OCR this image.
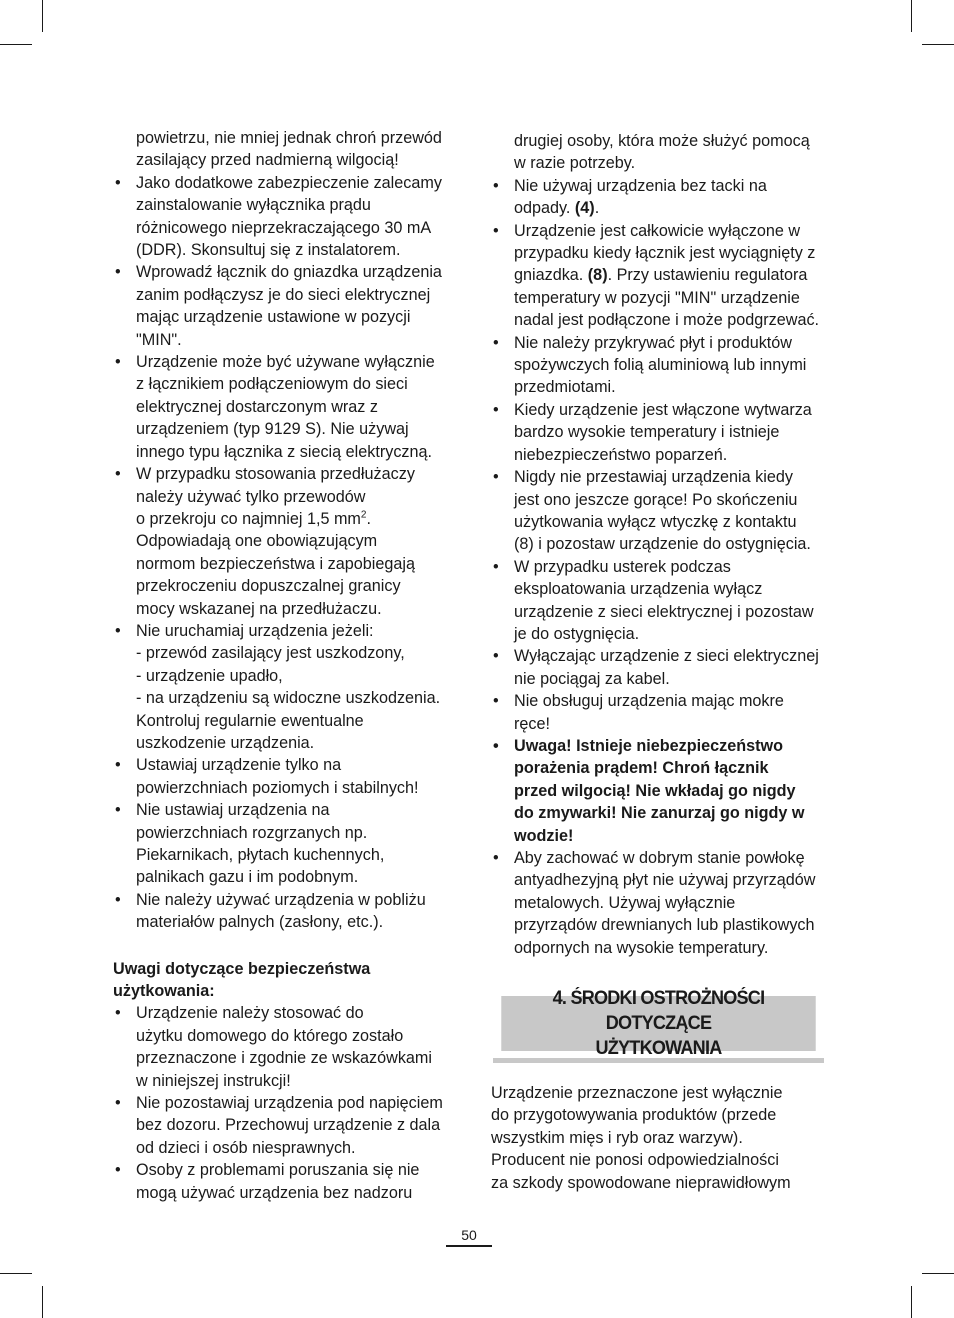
powietrzu, nie mniej jednak chroń przewód
zasilający przed nadmierną wilgocią!
• Jako dodatkowe zabezpieczenie zalecamy
zainstalowanie wyłącznika prądu
różnicowego nieprzekraczającego 30 mA
(DDR). Skonsultuj się z instalatorem.
• Wprowadź łącznik do gniazdka urządzenia
zanim podłączysz je do sieci elektrycznej
mając urządzenie ustawione w pozycji
"MIN".
• Urządzenie może być używane wyłącznie
z łącznikiem podłączeniowym do sieci
elektrycznej dostarczonym wraz z
urządzeniem (typ 9129 S). Nie używaj
innego typu łącznika z siecią elektryczną.
• W przypadku stosowania przedłużaczy
należy używać tylko przewodów
o przekroju co najmniej 1,5 $mm^2$.
Odpowiadają one obowiązującym
normom bezpieczeństwa i zapobiegają
przekroczeniu dopuszczalnej granicy
mocy wskazanej na przedłużaczu.
• Nie uruchamiaj urządzenia jeżeli:
- przewód zasilający jest uszkodzony,
- urządzenie upadło,
- na urządzeniu są widoczne uszkodzenia.
Kontroluj regularnie ewentualne
uszkodzenie urządzenia.
• Ustawiaj urządzenie tylko na
powierzchniach poziomych i stabilnych!
• Nie ustawiaj urządzenia na
powierzchniach rozgrzanych np.
Piekarnikach, płytach kuchennych,
palnikach gazu i im podobnym.
• Nie należy używać urządzenia w pobliżu
materiałów palnych (zasłony, etc.).
Uwagi dotyczące bezpieczeństwa
użytkowania:
• Urządzenie należy stosować do
użytku domowego do którego zostało
przeznaczone i zgodnie ze wskazówkami
w niniejszej instrukcji!
• Nie pozostawiaj urządzenia pod napięciem
bez dozoru. Przechowuj urządzenie z dala
od dzieci i osób niesprawnych.
• Osoby z problemami poruszania się nie
mogą używać urządzenia bez nadzoru
drugiej osoby, która może służyć pomocą
w razie potrzeby.
• Nie używaj urządzenia bez tacki na
odpady. (4).
• Urządzenie jest całkowicie wyłączone w
przypadku kiedy łącznik jest wyciągnięty z
gniazdka. (8). Przy ustawieniu regulatora
temperatury w pozycji "MIN" urządzenie
nadal jest podłączone i może podgrzewać.
• Nie należy przykrywać płyt i produktów
spożywczych folią aluminiową lub innymi
przedmiotami.
• Kiedy urządzenie jest włączone wytwarza
bardzo wysokie temperatury i istnieje
niebezpieczeństwo poparzeń.
• Nigdy nie przestawiaj urządzenia kiedy
jest ono jeszcze gorące! Po skończeniu
użytkowania wyłącz wtyczkę z kontaktu
(8) i pozostaw urządzenie do ostygnięcia.
• W przypadku usterek podczas
eksploatowania urządzenia wyłącz
urządzenie z sieci elektrycznej i pozostaw
je do ostygnięcia.
• Wyłączając urządzenie z sieci elektrycznej
nie pociągaj za kabel.
• Nie obsługuj urządzenia mając mokre
ręce!
• Uwaga! Istnieje niebezpieczeństwo
porażenia prądem! Chroń łącznik
przed wilgocią! Nie wkładaj go nigdy
do zmywarki! Nie zanurzaj go nigdy w
wodzie!
• Aby zachować w dobrym stanie powłokę
antyadhezyjną płyt nie używaj przyrządów
metalowych. Używaj wyłącznie
przyrządów drewnianych lub plastikowych
odpornych na wysokie temperatury.
4. ŚRODKI OSTROŻNOŚCI DOTYCZĄCE
UŻYTKOWANIA
Urządzenie przeznaczone jest wyłącznie
do przygotowywania produktów (przede
wszystkim mięs i ryb oraz warzyw).
Producent nie ponosi odpowiedzialności
za szkody spowodowane nieprawidłowym
50
